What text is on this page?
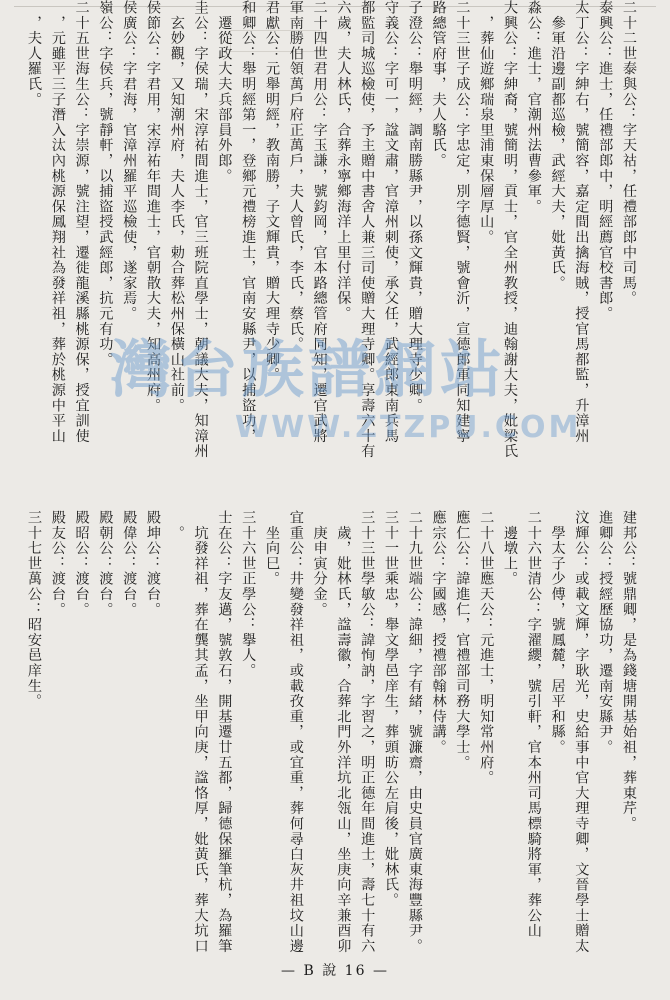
二十二世泰與公：字天祜，任禮部郎中司馬。
泰興公：進士，任禮部郎中，明經薦官校書郎。
太丁公：字紳右，號簡容，嘉定間出擒海賊，授官馬都監，升漳州
　參軍沿邊副都巡檢，武經大夫，妣黃氏。
淼公：進士，官潮州法曹參軍。
大興公：字紳裔，號簡明，貢士，官全州教授，迪翰謝大夫，妣梁氏
　，葬仙遊鄉瑞泉里浦東保層厚山。
二十三世子成公：字忠定，別字德賢，號會沂，宣德郎軍同知建寧
路總管府事，夫人駱氏。
子澄公：舉明經，調南勝縣尹，以孫文輝貴，贈大理寺少卿。
守義公：字可一，諡文肅，官漳州刺使，承父任，武經郎東南兵馬
都監司城巡檢使，予主贈中書舍人兼三司使贈大理寺卿。享壽六十有
六歲，夫人林氏，合葬永寧鄉海洋上里付洋保。
二十四世君用公：字玉謙，號鈞岡，官本路總管府同知，遷官武將
軍南勝伯領萬戶府正萬戶，夫人曾氏，李氏，蔡氏。
君獻公：元舉明經，教南勝，子文輝貴，贈大理寺少卿。
和卿公：舉明經第一，登鄉元禮榜進士，官南安縣尹，以捕盜功，
　遷從政大夫兵部員外郎。
圭公：字侯瑞，宋淳祐間進士，官三班院直學士，朝議大夫，知漳州
　玄妙觀，又知潮州府，夫人李氏，勅合葬松州保橫山社前。
侯節公：字君用，宋淳祐年間進士，官朝散大夫，知高州府。
侯廣公：字君海，官漳州羅平巡檢使，遂家焉。
嶺公：字侯兵，號靜軒，以捕盜授武經郎，抗元有功。
二十五世海生公：字崇源，號注望，遷徙龍溪縣桃源保，授宜訓使
　，元雖平三子潛入汰內桃源保鳳翔社為發祥祖，葬於桃源中平山
　，夫人羅氏。
建邦公：號鼎卿，是為錢塘開基始祖，葬東芹。
進卿公：授經歷協功，遷南安縣尹。
汶輝公：或載文輝，字耿光，史給事中官大理寺卿，文晉學士贈太
　學太子少傅，號鳳麓，居平和縣。
二十六世清公：字濯纓，號引軒，官本州司馬標騎將軍，葬公山
　邊墩上。
二十八世應天公：元進士，明知常州府。
應仁公：諱進仁，官禮部司務大學士。
應宗公：字國感，授禮部翰林侍講。
二十九世端公：諱細，字有緒，號濂齋，由史員官廣東海豐縣尹。
三十一世乘忠，舉文學邑庠生，葬頭昉公左肩後，妣林氏。
三十三世學敏公：諱恂訥，字習之，明正德年間進士，壽七十有六
　歲，妣林氏，諡壽徽，合葬北門外洋坑北瓴山，坐庚向辛兼酉卯
　庚申寅分金。
宜重公：井變發祥祖，或載孜重，或宜重，葬何尋白灰井祖坟山邊
　坐向巳。
三十六世正學公：擧人。
士在公：字友邁，號敦石，開基遷廿五都，歸德保羅筆杭，為羅筆
　坑發祥祖，葬在龔其孟，坐甲向庚，諡恪厚，妣黃氏，葬大坑口
　。
殿坤公：渡台。
殿偉公：渡台。
殿朝公：渡台。
殿昭公：渡台。
殿友公：渡台。
三十七世萬公：昭安邑庠生。
灣台族譜網站
WWW.ZTZPU.COM
— B 說 16 —
